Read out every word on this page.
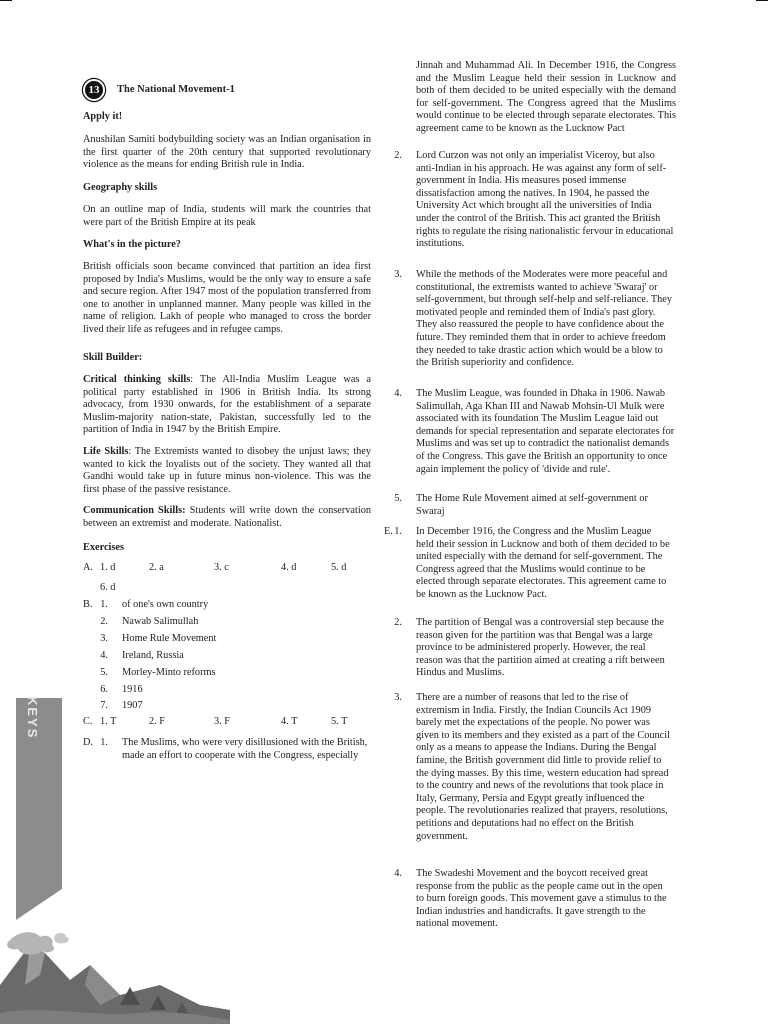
13	The National Movement-1
Apply it!

Anushilan Samiti bodybuilding society was an Indian organisation in the first quarter of the 20th century that supported revolutionary violence as the means for ending British rule in India.

Geography skills

On an outline map of India, students will mark the countries that were part of the British Empire at its peak

What's in the picture?

British officials soon became convinced that partition an idea first proposed by India's Muslims, would be the only way to ensure a safe and secure region. After 1947 most of the population transferred from one to another in unplanned manner. Many people was killed in the name of religion. Lakh of people who managed to cross the border lived their life as refugees and in refugee camps.

Skill Builder:

Critical thinking skills: The All-India Muslim League was a political party established in 1906 in British India. Its strong advocacy, from 1930 onwards, for the establishment of a separate Muslim-majority nation-state, Pakistan, successfully led to the partition of India in 1947 by the British Empire.

Life Skills: The Extremists wanted to disobey the unjust laws; they wanted to kick the loyalists out of the society. They wanted all that Gandhi would take up in future minus non-violence. This was the first phase of the passive resistance.

Communication Skills: Students will write down the conservation between an extremist and moderate. Nationalist.

Exercises
A. 1. d	2. a	3. c	4. d	5. d
6. d
B. 1. of one's own country
2. Nawab Salimullah
3. Home Rule Movement
4. Ireland, Russia
5. Morley-Minto reforms
6. 1916
7. 1907
C. 1. T	2. F	3. F	4. T	5. T
D. 1. The Muslims, who were very disillusioned with the British, made an effort to cooperate with the Congress, especially
Jinnah and Muhammad Ali. In December 1916, the Congress and the Muslim League held their session in Lucknow and both of them decided to be united especially with the demand for self-government. The Congress agreed that the Muslims would continue to be elected through separate electorates. This agreement came to be known as the Lucknow Pact
2. Lord Curzon was not only an imperialist Viceroy, but also anti-Indian in his approach. He was against any form of self-government in India. His measures posed immense dissatisfaction among the natives. In 1904, he passed the University Act which brought all the universities of India under the control of the British. This act granted the British rights to regulate the rising nationalistic fervour in educational institutions.
3. While the methods of the Moderates were more peaceful and constitutional, the extremists wanted to achieve 'Swaraj' or self-government, but through self-help and self-reliance. They motivated people and reminded them of India's past glory. They also reassured the people to have confidence about the future. They reminded them that in order to achieve freedom they needed to take drastic action which would be a blow to the British superiority and confidence.
4. The Muslim League, was founded in Dhaka in 1906. Nawab Salimullah, Aga Khan III and Nawab Mohsin-Ul Mulk were associated with its foundation The Muslim League laid out demands for special representation and separate electorates for Muslims and was set up to contradict the nationalist demands of the Congress. This gave the British an opportunity to once again implement the policy of 'divide and rule'.
5. The Home Rule Movement aimed at self-government or Swaraj
E. 1. In December 1916, the Congress and the Muslim League held their session in Lucknow and both of them decided to be united especially with the demand for self-government. The Congress agreed that the Muslims would continue to be elected through separate electorates. This agreement came to be known as the Lucknow Pact.
2. The partition of Bengal was a controversial step because the reason given for the partition was that Bengal was a large province to be administered properly. However, the real reason was that the partition aimed at creating a rift between Hindus and Muslims.
3. There are a number of reasons that led to the rise of extremism in India. Firstly, the Indian Councils Act 1909 barely met the expectations of the people. No power was given to its members and they existed as a part of the Council only as a means to appease the Indians. During the Bengal famine, the British government did little to provide relief to the dying masses. By this time, western education had spread to the country and news of the revolutions that took place in Italy, Germany, Persia and Egypt greatly influenced the people. The revolutionaries realized that prayers, resolutions, petitions and deputations had no effect on the British government.
4. The Swadeshi Movement and the boycott received great response from the public as the people came out in the open to burn foreign goods. This movement gave a stimulus to the Indian industries and handicrafts. It gave strength to the national movement.
KEYS
